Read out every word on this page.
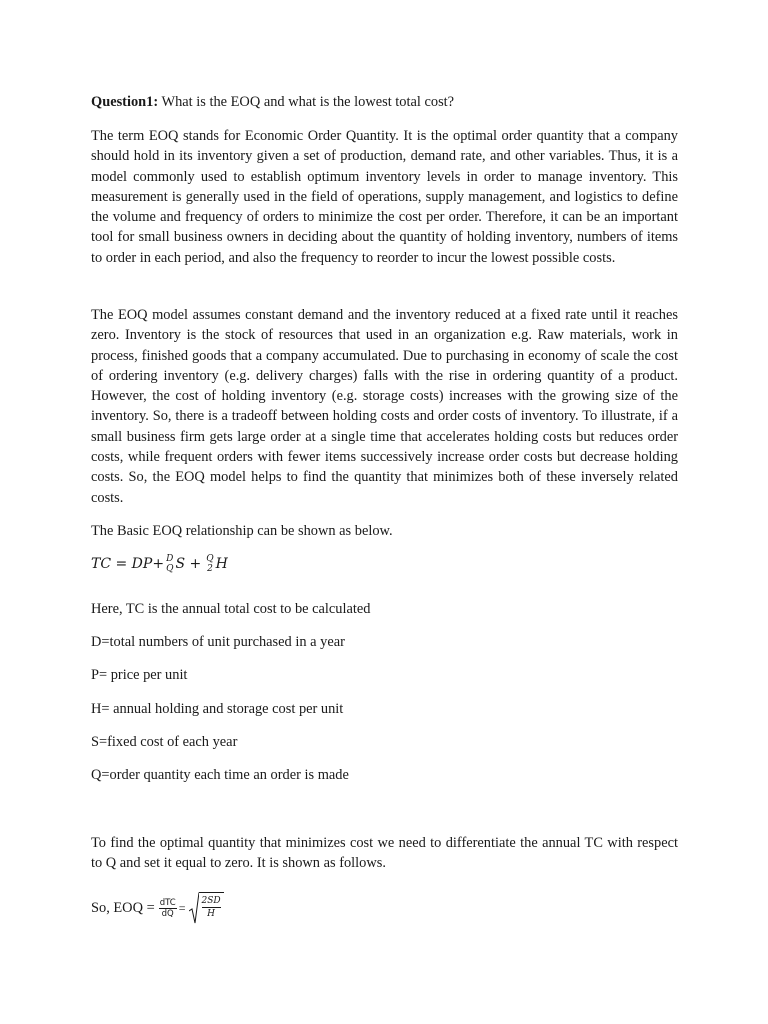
Question1: What is the EOQ and what is the lowest total cost?

The term EOQ stands for Economic Order Quantity. It is the optimal order quantity that a company should hold in its inventory given a set of production, demand rate, and other variables. Thus, it is a model commonly used to establish optimum inventory levels in order to manage inventory. This measurement is generally used in the field of operations, supply management, and logistics to define the volume and frequency of orders to minimize the cost per order. Therefore, it can be an important tool for small business owners in deciding about the quantity of holding inventory, numbers of items to order in each period, and also the frequency to reorder to incur the lowest possible costs.

The EOQ model assumes constant demand and the inventory reduced at a fixed rate until it reaches zero. Inventory is the stock of resources that used in an organization e.g. Raw materials, work in process, finished goods that a company accumulated. Due to purchasing in economy of scale the cost of ordering inventory (e.g. delivery charges) falls with the rise in ordering quantity of a product. However, the cost of holding inventory (e.g. storage costs) increases with the growing size of the inventory. So, there is a tradeoff between holding costs and order costs of inventory. To illustrate, if a small business firm gets large order at a single time that accelerates holding costs but reduces order costs, while frequent orders with fewer items successively increase order costs but decrease holding costs. So, the EOQ model helps to find the quantity that minimizes both of these inversely related costs.

The Basic EOQ relationship can be shown as below.

TC = DP+ D
Q S + Q
2 H

Here, TC is the annual total cost to be calculated

D=total numbers of unit purchased in a year

P= price per unit

H= annual holding and storage cost per unit

S=fixed cost of each year

Q=order quantity each time an order is made

To find the optimal quantity that minimizes cost we need to differentiate the annual TC with respect to Q and set it equal to zero. It is shown as follows.

So, EOQ = $\frac{\text{dTC}}{dQ} = 2SD$
H
